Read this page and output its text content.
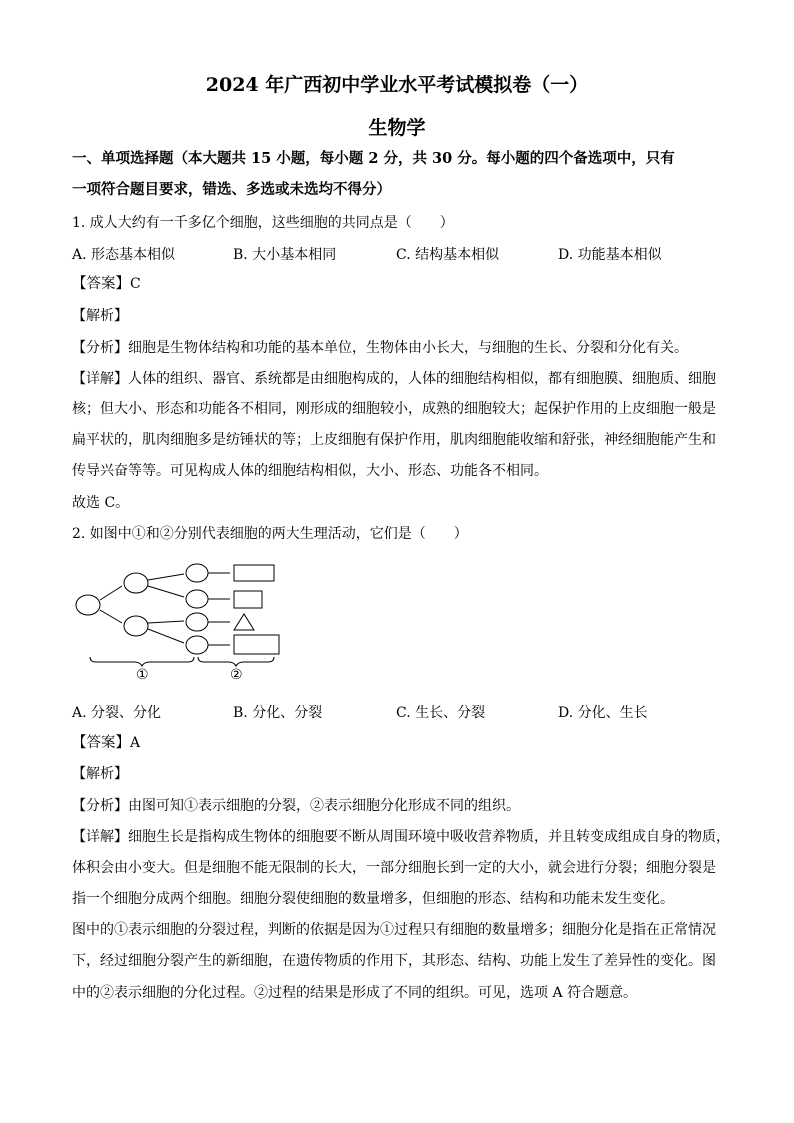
2024 年广西初中学业水平考试模拟卷（一）
生物学
一、单项选择题（本大题共 15 小题，每小题 2 分，共 30 分。每小题的四个备选项中，只有
一项符合题目要求，错选、多选或未选均不得分）
1. 成人大约有一千多亿个细胞，这些细胞的共同点是（　　）
A. 形态基本相似	B. 大小基本相同	C. 结构基本相似	D. 功能基本相似
【答案】C
【解析】
【分析】细胞是生物体结构和功能的基本单位，生物体由小长大，与细胞的生长、分裂和分化有关。
【详解】人体的组织、器官、系统都是由细胞构成的，人体的细胞结构相似，都有细胞膜、细胞质、细胞
核；但大小、形态和功能各不相同，刚形成的细胞较小，成熟的细胞较大；起保护作用的上皮细胞一般是
扁平状的，肌肉细胞多是纺锤状的等；上皮细胞有保护作用，肌肉细胞能收缩和舒张，神经细胞能产生和
传导兴奋等等。可见构成人体的细胞结构相似，大小、形态、功能各不相同。
故选 C。
2. 如图中①和②分别代表细胞的两大生理活动，它们是（　　）
①	②
A. 分裂、分化	B. 分化、分裂	C. 生长、分裂	D. 分化、生长
【答案】A
【解析】
【分析】由图可知①表示细胞的分裂，②表示细胞分化形成不同的组织。
【详解】细胞生长是指构成生物体的细胞要不断从周围环境中吸收营养物质，并且转变成组成自身的物质，
体积会由小变大。但是细胞不能无限制的长大，一部分细胞长到一定的大小，就会进行分裂；细胞分裂是
指一个细胞分成两个细胞。细胞分裂使细胞的数量增多，但细胞的形态、结构和功能未发生变化。
图中的①表示细胞的分裂过程，判断的依据是因为①过程只有细胞的数量增多；细胞分化是指在正常情况
下，经过细胞分裂产生的新细胞，在遗传物质的作用下，其形态、结构、功能上发生了差异性的变化。图
中的②表示细胞的分化过程。②过程的结果是形成了不同的组织。可见，选项 A 符合题意。
